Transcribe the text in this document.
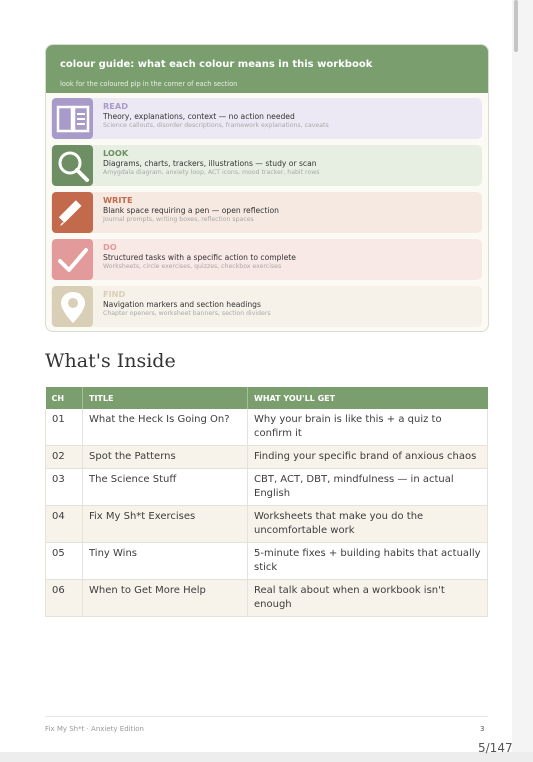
colour guide: what each colour means in this workbook
look for the coloured pip in the corner of each section
READ
Theory, explanations, context — no action needed
Science callouts, disorder descriptions, framework explanations, caveats
LOOK
Diagrams, charts, trackers, illustrations — study or scan
Amygdala diagram, anxiety loop, ACT icons, mood tracker, habit rows
WRITE
Blank space requiring a pen — open reflection
Journal prompts, writing boxes, reflection spaces
DO
Structured tasks with a specific action to complete
Worksheets, circle exercises, quizzes, checkbox exercises
FIND
Navigation markers and section headings
Chapter openers, worksheet banners, section dividers
What's Inside
CH	TITLE	WHAT YOU'LL GET
01	What the Heck Is Going On?	Why your brain is like this + a quiz to confirm it
02	Spot the Patterns	Finding your specific brand of anxious chaos
03	The Science Stuff	CBT, ACT, DBT, mindfulness — in actual English
04	Fix My Sh*t Exercises	Worksheets that make you do the uncomfortable work
05	Tiny Wins	5-minute fixes + building habits that actually stick
06	When to Get More Help	Real talk about when a workbook isn't enough
Fix My Sh*t · Anxiety Edition	3
5/147
